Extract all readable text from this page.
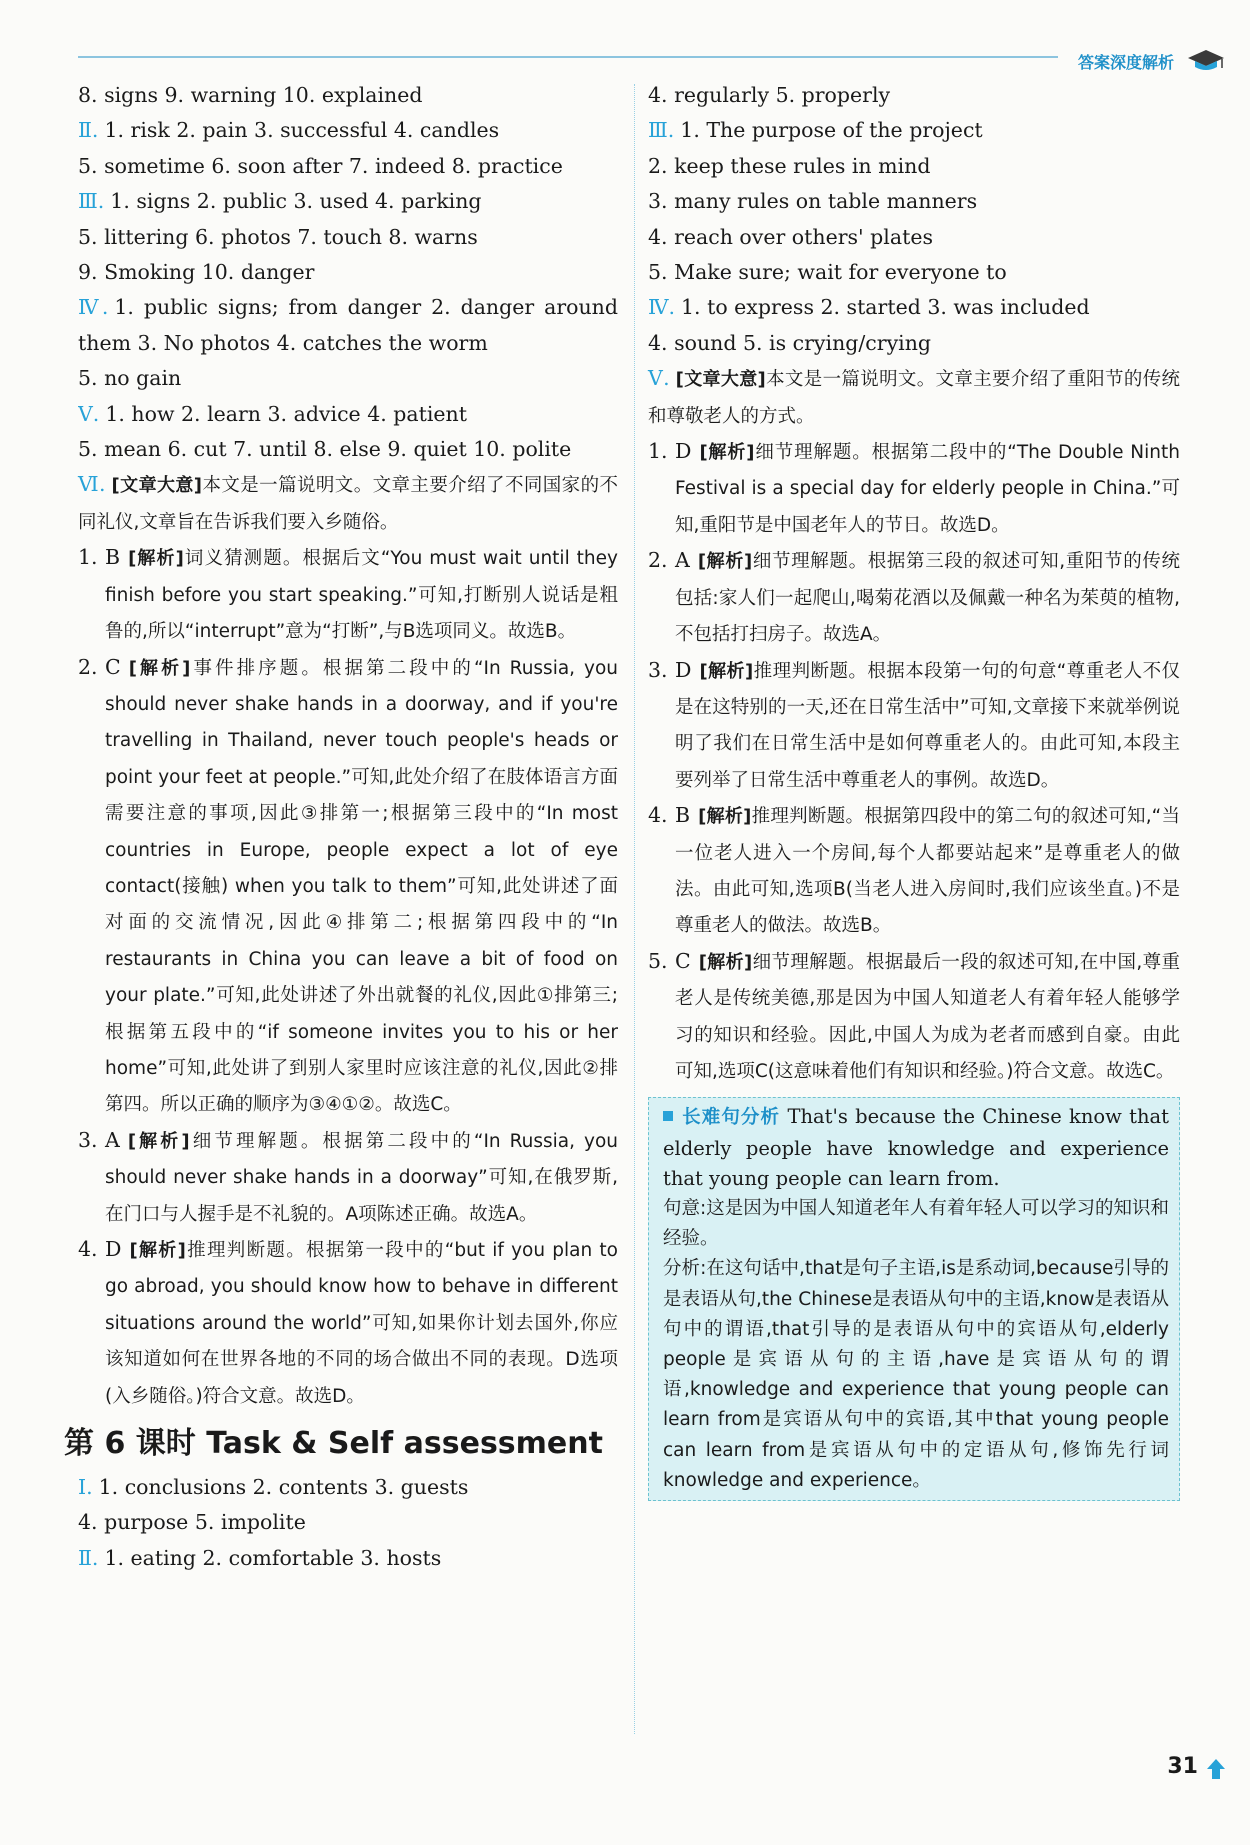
答案深度解析
8. signs 9. warning 10. explained
Ⅱ. 1. risk 2. pain 3. successful 4. candles
5. sometime 6. soon after 7. indeed 8. practice
Ⅲ. 1. signs 2. public 3. used 4. parking
5. littering 6. photos 7. touch 8. warns
9. Smoking 10. danger
Ⅳ. 1. public signs; from danger 2. danger around them 3. No photos 4. catches the worm
5. no gain
Ⅴ. 1. how 2. learn 3. advice 4. patient
5. mean 6. cut 7. until 8. else 9. quiet 10. polite
Ⅵ. [文章大意]本文是一篇说明文。文章主要介绍了不同国家的不同礼仪,文章旨在告诉我们要入乡随俗。
1. B [解析]词义猜测题。根据后文“You must wait until they finish before you start speaking.”可知,打断别人说话是粗鲁的,所以“interrupt”意为“打断”,与B选项同义。故选B。
2. C [解析]事件排序题。根据第二段中的“In Russia, you should never shake hands in a doorway, and if you're travelling in Thailand, never touch people's heads or point your feet at people.”可知,此处介绍了在肢体语言方面需要注意的事项,因此③排第一;根据第三段中的“In most countries in Europe, people expect a lot of eye contact(接触) when you talk to them”可知,此处讲述了面对面的交流情况,因此④排第二;根据第四段中的“In restaurants in China you can leave a bit of food on your plate.”可知,此处讲述了外出就餐的礼仪,因此①排第三;根据第五段中的“if someone invites you to his or her home”可知,此处讲了到别人家里时应该注意的礼仪,因此②排第四。所以正确的顺序为③④①②。故选C。
3. A [解析]细节理解题。根据第二段中的“In Russia, you should never shake hands in a doorway”可知,在俄罗斯,在门口与人握手是不礼貌的。A项陈述正确。故选A。
4. D [解析]推理判断题。根据第一段中的“but if you plan to go abroad, you should know how to behave in different situations around the world”可知,如果你计划去国外,你应该知道如何在世界各地的不同的场合做出不同的表现。D选项(入乡随俗。)符合文意。故选D。
第 6 课时 Task & Self assessment
Ⅰ. 1. conclusions 2. contents 3. guests
4. purpose 5. impolite
Ⅱ. 1. eating 2. comfortable 3. hosts
4. regularly 5. properly
Ⅲ. 1. The purpose of the project
2. keep these rules in mind
3. many rules on table manners
4. reach over others' plates
5. Make sure; wait for everyone to
Ⅳ. 1. to express 2. started 3. was included
4. sound 5. is crying/crying
Ⅴ. [文章大意]本文是一篇说明文。文章主要介绍了重阳节的传统和尊敬老人的方式。
1. D [解析]细节理解题。根据第二段中的“The Double Ninth Festival is a special day for elderly people in China.”可知,重阳节是中国老年人的节日。故选D。
2. A [解析]细节理解题。根据第三段的叙述可知,重阳节的传统包括:家人们一起爬山,喝菊花酒以及佩戴一种名为茱萸的植物,不包括打扫房子。故选A。
3. D [解析]推理判断题。根据本段第一句的句意“尊重老人不仅是在这特别的一天,还在日常生活中”可知,文章接下来就举例说明了我们在日常生活中是如何尊重老人的。由此可知,本段主要列举了日常生活中尊重老人的事例。故选D。
4. B [解析]推理判断题。根据第四段中的第二句的叙述可知,“当一位老人进入一个房间,每个人都要站起来”是尊重老人的做法。由此可知,选项B(当老人进入房间时,我们应该坐直。)不是尊重老人的做法。故选B。
5. C [解析]细节理解题。根据最后一段的叙述可知,在中国,尊重老人是传统美德,那是因为中国人知道老人有着年轻人能够学习的知识和经验。因此,中国人为成为老者而感到自豪。由此可知,选项C(这意味着他们有知识和经验。)符合文意。故选C。
长难句分析 That's because the Chinese know that elderly people have knowledge and experience that young people can learn from.
句意:这是因为中国人知道老年人有着年轻人可以学习的知识和经验。
分析:在这句话中,that是句子主语,is是系动词,because引导的是表语从句,the Chinese是表语从句中的主语,know是表语从句中的谓语,that引导的是表语从句中的宾语从句,elderly people是宾语从句的主语,have是宾语从句的谓语,knowledge and experience that young people can learn from是宾语从句中的宾语,其中that young people can learn from是宾语从句中的定语从句,修饰先行词knowledge and experience。
31
